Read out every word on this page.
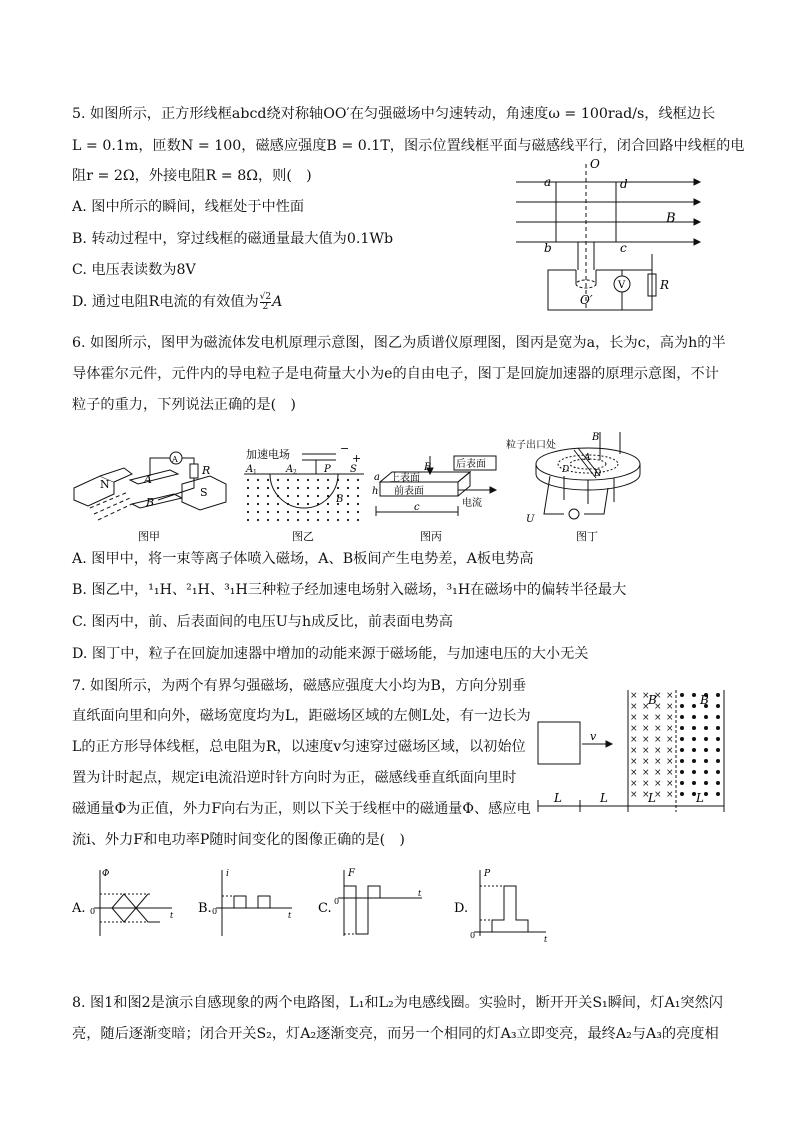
5. 如图所示，正方形线框abcd绕对称轴OO′在匀强磁场中匀速转动，角速度ω = 100rad/s，线框边长
L = 0.1m，匝数N = 100，磁感应强度B = 0.1T，图示位置线框平面与磁感线平行，闭合回路中线框的电
阻r = 2Ω，外接电阻R = 8Ω，则(　)
A. 图中所示的瞬间，线框处于中性面
B. 转动过程中，穿过线框的磁通量最大值为0.1Wb
C. 电压表读数为8V
D. 通过电阻R电流的有效值为 $\frac{√2}{2}$ A
O
a	d
b	c
B
O′
V	R
6. 如图所示，图甲为磁流体发电机原理示意图，图乙为质谱仪原理图，图丙是宽为a，长为c，高为h的半
导体霍尔元件，元件内的导电粒子是电荷量大小为e的自由电子，图丁是回旋加速器的原理示意图，不计
粒子的重力，下列说法正确的是(　)
N
S
A
B
R
A
图甲
加速电场	−
+
A 1	A 2	P S
B
图乙
后表面
上表面
前表面
电流
B
a
h
c
图丙
粒子出口处
D	D
A
B
U
图丁
A. 图甲中，将一束等离子体喷入磁场，A、B板间产生电势差，A板电势高
B. 图乙中，¹₁H、²₁H、³₁H三种粒子经加速电场射入磁场，³₁H在磁场中的偏转半径最大
C. 图丙中，前、后表面间的电压U与h成反比，前表面电势高
D. 图丁中，粒子在回旋加速器中增加的动能来源于磁场能，与加速电压的大小无关
7. 如图所示，为两个有界匀强磁场，磁感应强度大小均为B，方向分别垂
直纸面向里和向外，磁场宽度均为L，距磁场区域的左侧L处，有一边长为
L的正方形导体线框，总电阻为R，以速度v匀速穿过磁场区域，以初始位
置为计时起点，规定i电流沿逆时针方向时为正，磁感线垂直纸面向里时
磁通量Φ为正值，外力F向右为正，则以下关于线框中的磁通量Φ、感应电
流i、外力F和电功率P随时间变化的图像正确的是(　)
× × × ×
× × × ×
× × × ×
× × × ×
× × × ×
× × × ×
× × × ×
× × × ×
× × × ×
× × × ×
v
B	B
L	L	L	L
A.
Φ
0	t B.
i
0	t C.
F
0
t
D.
P
0	t
8. 图1和图2是演示自感现象的两个电路图，L₁和L₂为电感线圈。实验时，断开开关S₁瞬间，灯A₁突然闪
亮，随后逐渐变暗；闭合开关S₂，灯A₂逐渐变亮，而另一个相同的灯A₃立即变亮，最终A₂与A₃的亮度相
